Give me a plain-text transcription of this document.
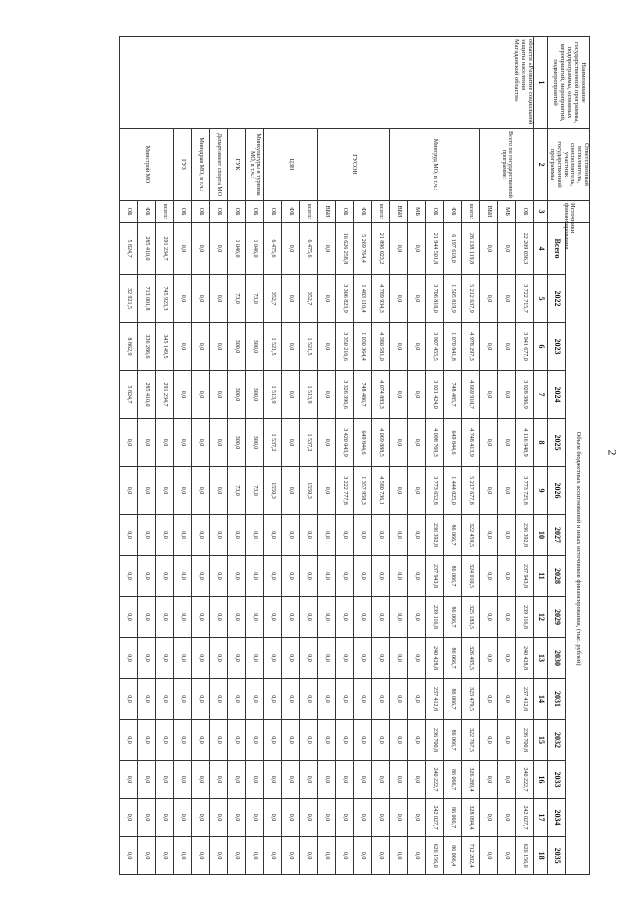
2
Наименование государственной программы, подпрограммы, основных мероприятий, мероприятий, подмероприятий	Ответственный исполнитель, соисполнитель, участник государственной программы	Источники финансирования	Объем бюджетных ассигнований и иных источников финансирования, (тыс. рублей)														
			Всего	2022	2023	2024	2025	2026	2027	2028	2029	2030	2031	2032	2033	2034	2035
1	2	3	4	5	6	7	8	9	10	11	12	13	14	15	16	17	18
области «Развитие социальной защиты населения Магаданской области»	Всего по государственной программе:	ОБ	22 209 036,3	3 722 715,7	3 941 677,0	3 928 386,9	4 116 948,9	3 773 725,8	236 392,8	237 943,8	239 116,8	240 428,8	237 412,8	236 700,8	240 222,7	242 027,7	626 156,0
		МБ	0,0	0,0	0,0	0,0	0,0	0,0	0,0	0,0	0,0	0,0	0,0	0,0	0,0	0,0	0,0
		ВБИ	0,0	0,0	0,0	0,0	0,0	0,0	0,0	0,0	0,0	0,0	0,0	0,0	0,0	0,0	0,0
	Минтруд МО, в т.ч.:	всего:	28 138 119,8	5 212 637,9	4 978 297,3	4 669 910,7	4 748 413,9	5 217 677,8	322 459,5	324 010,5	325 183,5	326 495,5	323 479,5	322 767,5	326 289,4	328 094,4	712 202,4
		ФБ	6 197 618,0	1 505 819,9	1 070 841,8	748 485,7	649 844,6	1 444 025,0	86 066,7	86 066,7	86 066,7	86 066,7	86 066,7	86 066,7	86 066,7	86 066,7	86 066,4
		ОБ	21 944 501,8	3 706 818,0	3 907 455,5	3 921 424,0	4 098 769,3	3 773 652,8	236 392,8	237 943,8	239 116,8	240 428,8	237 412,8	236 700,8	240 222,7	242 027,7	626 156,0
		МБ	0,0	0,0	0,0	0,0	0,0	0,0	0,0	0,0	0,0	0,0	0,0	0,0	0,0	0,0	0,0
		ВБИ	0,0	0,0	0,0	0,0	0,0	0,0	0,0	0,0	0,0	0,0	0,0	0,0	0,0	0,0	0,0
	ГУСОН	всего:	21 896 023,2	4 789 934,3	4 380 581,0	4 074 883,3	4 069 888,5	4 580 736,1	0,0	0,0	0,0	0,0	0,0	0,0	0,0	0,0	0,0
		ФБ	5 269 764,4	1 483 110,4	1 030 364,4	748 486,7	649 844,6	1 357 958,3	0,0	0,0	0,0	0,0	0,0	0,0	0,0	0,0	0,0
		ОБ	16 626 258,8	3 306 823,9	3 350 216,6	3 326 396,6	3 420 043,9	3 222 777,8	0,0	0,0	0,0	0,0	0,0	0,0	0,0	0,0	0,0
		ВБИ	0,0	0,0	0,0	0,0	0,0	0,0	0,0	0,0	0,0	0,0	0,0	0,0	0,0	0,0	0,0
	ЦЗН	всего:	6 475,6	352,7	1 521,5	1 513,9	1 537,2	1550,3	0,0	0,0	0,0	0,0	0,0	0,0	0,0	0,0	0,0
		ФБ	0,0	0,0	0,0	0,0	0,0	0,0	0,0	0,0	0,0	0,0	0,0	0,0	0,0	0,0	0,0
		ОБ	6 475,6	352,7	1 521,5	1 513,9	1 537,2	1550,3	0,0	0,0	0,0	0,0	0,0	0,0	0,0	0,0	0,0
	Минкультуры и туризма МО, в т.ч.:	ОБ	1 046,0	73,0	300,0	300,0	300,0	73,0	0,0	0,0	0,0	0,0	0,0	0,0	0,0	0,0	0,0
	ГУК	ОБ	1 046,0	73,0	300,0	300,0	300,0	73,0	0,0	0,0	0,0	0,0	0,0	0,0	0,0	0,0	0,0
	Департамент спорта МО	ОБ	0,0	0,0	0,0	0,0	0,0	0,0	0,0	0,0	0,0	0,0	0,0	0,0	0,0	0,0	0,0
	Минздрав МО, в т.ч.:	ОБ	0,0	0,0	0,0	0,0	0,0	0,0	0,0	0,0	0,0	0,0	0,0	0,0	0,0	0,0	0,0
	ГУЗ	ОБ	0,0	0,0	0,0	0,0	0,0	0,0	0,0	0,0	0,0	0,0	0,0	0,0	0,0	0,0	0,0
	Минстрой МО	всего:	291 234,7	745 923,3	345 149,5	291 234,7	0,0	0,0	0,0	0,0	0,0	0,0	0,0	0,0	0,0	0,0	0,0
		ФБ	285 410,0	713 001,8	336 286,6	285 410,0	0,0	0,0	0,0	0,0	0,0	0,0	0,0	0,0	0,0	0,0	0,0
		ОБ	5 824,7	32 921,5	8 862,9	5 824,7	0,0	0,0	0,0	0,0	0,0	0,0	0,0	0,0	0,0	0,0	0,0
